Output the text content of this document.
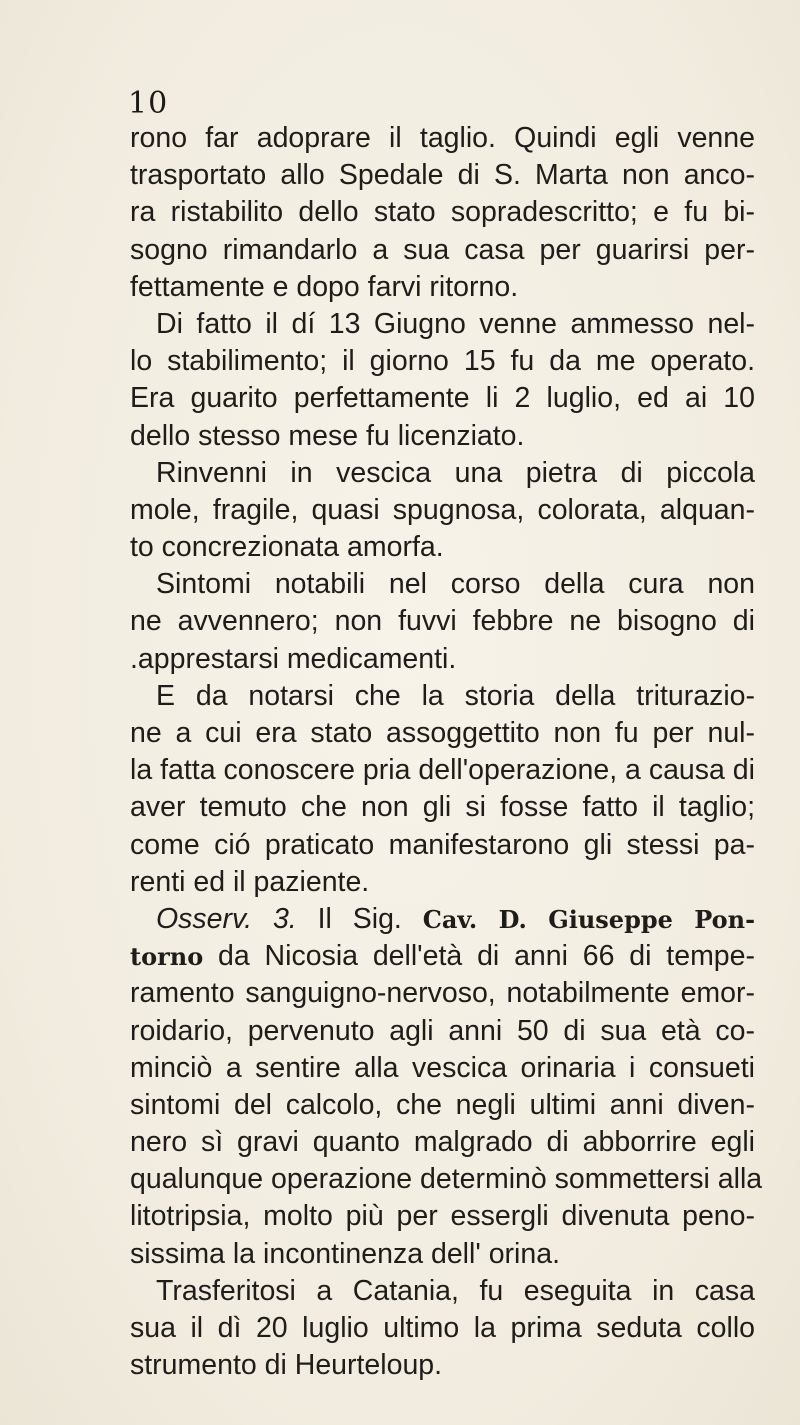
10
rono far adoprare il taglio. Quindi egli venne
trasportato allo Spedale di S. Marta non anco-
ra ristabilito dello stato sopradescritto; e fu bi-
sogno rimandarlo a sua casa per guarirsi per-
fettamente e dopo farvi ritorno.
Di fatto il dí 13 Giugno venne ammesso nel-
lo stabilimento; il giorno 15 fu da me operato.
Era guarito perfettamente li 2 luglio, ed ai 10
dello stesso mese fu licenziato.
Rinvenni in vescica una pietra di piccola
mole, fragile, quasi spugnosa, colorata, alquan-
to concrezionata amorfa.
Sintomi notabili nel corso della cura non
ne avvennero; non fuvvi febbre ne bisogno di
.apprestarsi medicamenti.
E da notarsi che la storia della triturazio-
ne a cui era stato assoggettito non fu per nul-
la fatta conoscere pria dell'operazione, a causa di
aver temuto che non gli si fosse fatto il taglio;
come ció praticato manifestarono gli stessi pa-
renti ed il paziente.
Osserv. 3. Il Sig. Cav. D. Giuseppe Pon-
torno da Nicosia dell'età di anni 66 di tempe-
ramento sanguigno-nervoso, notabilmente emor-
roidario, pervenuto agli anni 50 di sua età co-
minciò a sentire alla vescica orinaria i consueti
sintomi del calcolo, che negli ultimi anni diven-
nero sì gravi quanto malgrado di abborrire egli
qualunque operazione determinò sommettersi alla
litotripsia, molto più per essergli divenuta peno-
sissima la incontinenza dell' orina.
Trasferitosi a Catania, fu eseguita in casa
sua il dì 20 luglio ultimo la prima seduta collo
strumento di Heurteloup.
